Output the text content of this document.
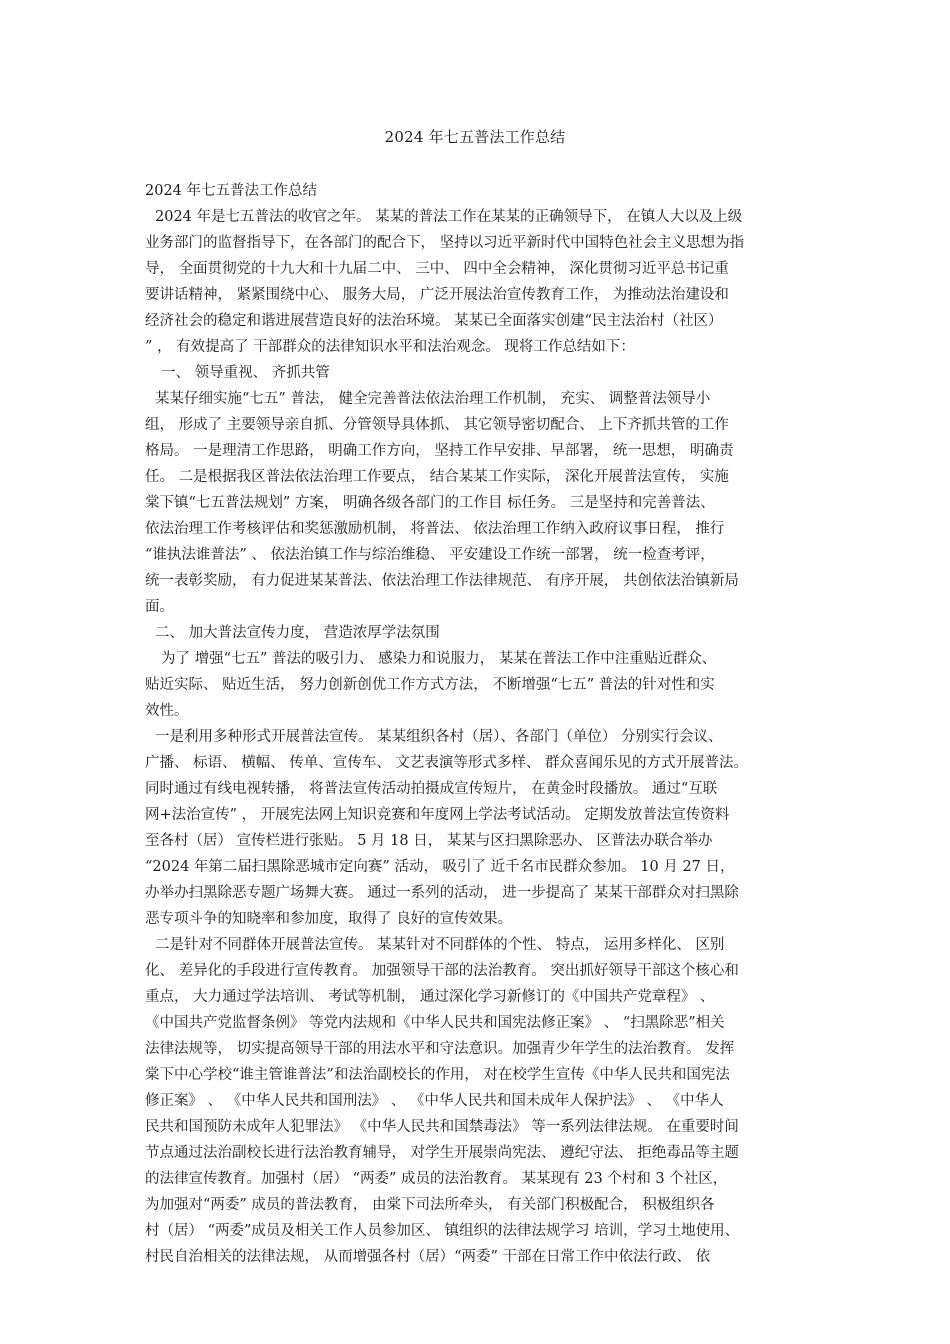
2024 年七五普法工作总结
2024 年七五普法工作总结
2024 年是七五普法的收官之年。 某某的普法工作在某某的正确领导下， 在镇人大以及上级
业务部门的监督指导下，在各部门的配合下， 坚持以习近平新时代中国特色社会主义思想为指
导， 全面贯彻党的十九大和十九届二中、 三中、 四中全会精神， 深化贯彻习近平总书记重
要讲话精神， 紧紧围绕中心、 服务大局， 广泛开展法治宣传教育工作， 为推动法治建设和
经济社会的稳定和谐进展营造良好的法治环境。 某某已全面落实创建“民主法治村（社区）
” ， 有效提高了 干部群众的法律知识水平和法治观念。 现将工作总结如下：
一、 领导重视、 齐抓共管
某某仔细实施“七五” 普法， 健全完善普法依法治理工作机制， 充实、 调整普法领导小
组， 形成了 主要领导亲自抓、分管领导具体抓、 其它领导密切配合、 上下齐抓共管的工作
格局。 一是理清工作思路， 明确工作方向， 坚持工作早安排、早部署， 统一思想， 明确责
任。 二是根据我区普法依法治理工作要点， 结合某某工作实际， 深化开展普法宣传， 实施
棠下镇“七五普法规划” 方案， 明确各级各部门的工作目 标任务。 三是坚持和完善普法、
依法治理工作考核评估和奖惩激励机制， 将普法、 依法治理工作纳入政府议事日程， 推行
“谁执法谁普法” 、 依法治镇工作与综治维稳、 平安建设工作统一部署， 统一检查考评，
统一表彰奖励， 有力促进某某普法、依法治理工作法律规范、 有序开展， 共创依法治镇新局
面。
二、 加大普法宣传力度， 营造浓厚学法氛围
为了 增强“七五” 普法的吸引力、 感染力和说服力， 某某在普法工作中注重贴近群众、
贴近实际、 贴近生活， 努力创新创优工作方式方法， 不断增强“七五” 普法的针对性和实
效性。
一是利用多种形式开展普法宣传。 某某组织各村（居）、各部门（单位） 分别实行会议、
广播、 标语、 横幅、 传单、宣传车、 文艺表演等形式多样、 群众喜闻乐见的方式开展普法。
同时通过有线电视转播， 将普法宣传活动拍摄成宣传短片， 在黄金时段播放。 通过“互联
网+法治宣传” ， 开展宪法网上知识竞赛和年度网上学法考试活动。 定期发放普法宣传资料
至各村（居） 宣传栏进行张贴。 5 月 18 日， 某某与区扫黑除恶办、 区普法办联合举办
“2024 年第二届扫黑除恶城市定向赛” 活动， 吸引了 近千名市民群众参加。 10 月 27 日，
办举办扫黑除恶专题广场舞大赛。 通过一系列的活动， 进一步提高了 某某干部群众对扫黑除
恶专项斗争的知晓率和参加度，取得了 良好的宣传效果。
二是针对不同群体开展普法宣传。 某某针对不同群体的个性、 特点， 运用多样化、 区别
化、 差异化的手段进行宣传教育。 加强领导干部的法治教育。 突出抓好领导干部这个核心和
重点， 大力通过学法培训、 考试等机制， 通过深化学习新修订的《中国共产党章程》 、
《中国共产党监督条例》 等党内法规和《中华人民共和国宪法修正案》 、 “扫黑除恶”相关
法律法规等， 切实提高领导干部的用法水平和守法意识。加强青少年学生的法治教育。 发挥
棠下中心学校“谁主管谁普法”和法治副校长的作用， 对在校学生宣传《中华人民共和国宪法
修正案》 、 《中华人民共和国刑法》 、 《中华人民共和国未成年人保护法》 、 《中华人
民共和国预防未成年人犯罪法》 《中华人民共和国禁毒法》 等一系列法律法规。 在重要时间
节点通过法治副校长进行法治教育辅导， 对学生开展崇尚宪法、 遵纪守法、 拒绝毒品等主题
的法律宣传教育。加强村（居） “两委” 成员的法治教育。 某某现有 23 个村和 3 个社区，
为加强对“两委” 成员的普法教育， 由棠下司法所牵头， 有关部门积极配合， 积极组织各
村（居） “两委”成员及相关工作人员参加区、 镇组织的法律法规学习 培训，学习土地使用、
村民自治相关的法律法规， 从而增强各村（居）“两委” 干部在日常工作中依法行政、 依
